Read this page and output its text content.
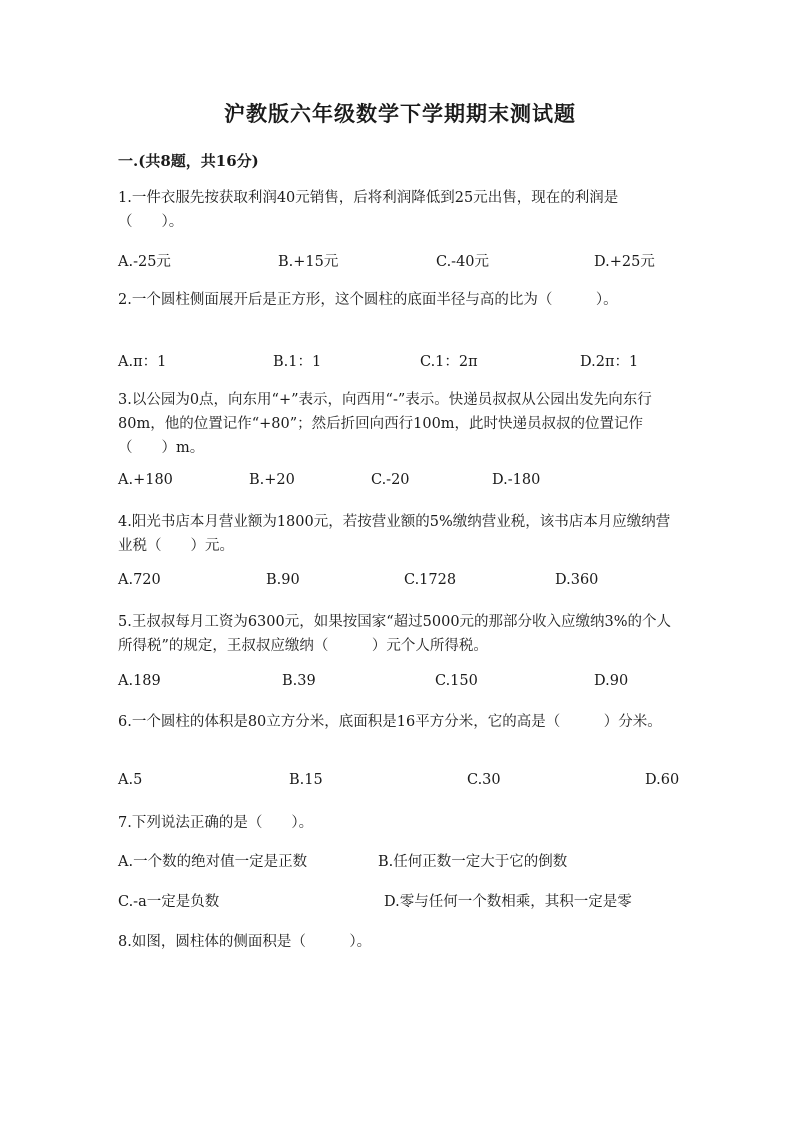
沪教版六年级数学下学期期末测试题
一.(共8题，共16分)
1.一件衣服先按获取利润40元销售，后将利润降低到25元出售，现在的利润是（　　）。
A.-25元	B.+15元	C.-40元	D.+25元
2.一个圆柱侧面展开后是正方形，这个圆柱的底面半径与高的比为（　　　）。
A.π：1	B.1：1	C.1：2π	D.2π：1
3.以公园为0点，向东用“+”表示，向西用“-”表示。快递员叔叔从公园出发先向东行80m，他的位置记作“+80”；然后折回向西行100m，此时快递员叔叔的位置记作（　　）m。
A.+180	B.+20	C.-20	D.-180
4.阳光书店本月营业额为1800元，若按营业额的5%缴纳营业税，该书店本月应缴纳营业税（　　）元。
A.720	B.90	C.1728	D.360
5.王叔叔每月工资为6300元，如果按国家“超过5000元的那部分收入应缴纳3%的个人所得税”的规定，王叔叔应缴纳（　　　）元个人所得税。
A.189	B.39	C.150	D.90
6.一个圆柱的体积是80立方分米，底面积是16平方分米，它的高是（　　　）分米。
A.5	B.15	C.30	D.60
7.下列说法正确的是（　　）。
A.一个数的绝对值一定是正数	B.任何正数一定大于它的倒数
C.-a一定是负数	D.零与任何一个数相乘，其积一定是零
8.如图，圆柱体的侧面积是（　　　）。
